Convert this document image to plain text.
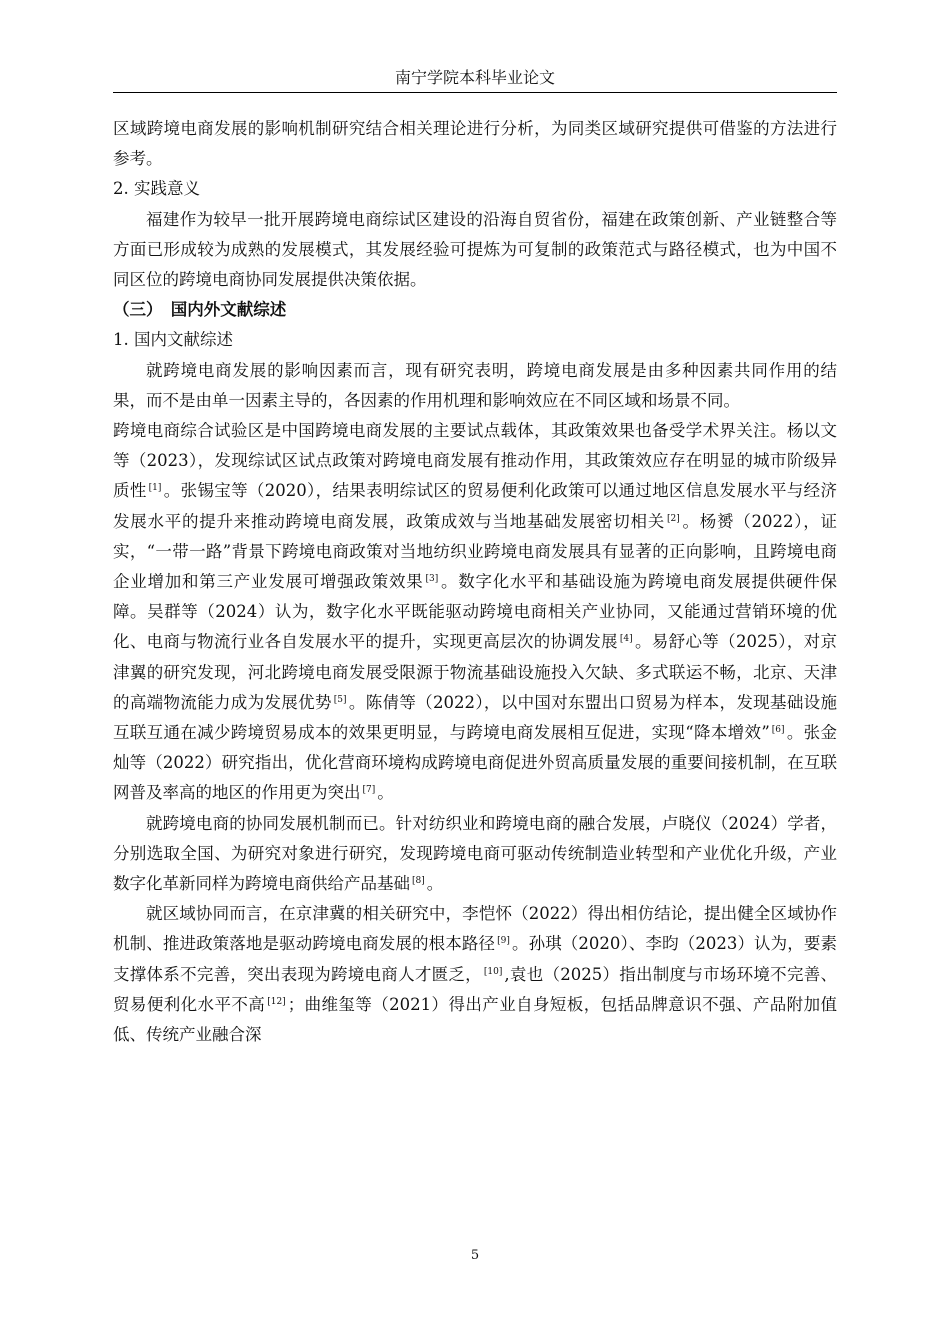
南宁学院本科毕业论文

区域跨境电商发展的影响机制研究结合相关理论进行分析，为同类区域研究提供可借鉴的方法进行参考。

2. 实践意义

福建作为较早一批开展跨境电商综试区建设的沿海自贸省份，福建在政策创新、产业链整合等方面已形成较为成熟的发展模式，其发展经验可提炼为可复制的政策范式与路径模式，也为中国不同区位的跨境电商协同发展提供决策依据。

（三）　国内外文献综述

1. 国内文献综述

就跨境电商发展的影响因素而言，现有研究表明，跨境电商发展是由多种因素共同作用的结果，而不是由单一因素主导的，各因素的作用机理和影响效应在不同区域和场景不同。

跨境电商综合试验区是中国跨境电商发展的主要试点载体，其政策效果也备受学术界关注。杨以文等（2023），发现综试区试点政策对跨境电商发展有推动作用，其政策效应存在明显的城市阶级异质性 [1] 。张锡宝等（2020），结果表明综试区的贸易便利化政策可以通过地区信息发展水平与经济发展水平的提升来推动跨境电商发展，政策成效与当地基础发展密切相关 [2] 。杨赟（2022），证实，“一带一路”背景下跨境电商政策对当地纺织业跨境电商发展具有显著的正向影响，且跨境电商企业增加和第三产业发展可增强政策效果 [3] 。数字化水平和基础设施为跨境电商发展提供硬件保障。吴群等（2024）认为，数字化水平既能驱动跨境电商相关产业协同，又能通过营销环境的优化、电商与物流行业各自发展水平的提升，实现更高层次的协调发展 [4] 。易舒心等（2025），对京津翼的研究发现，河北跨境电商发展受限源于物流基础设施投入欠缺、多式联运不畅，北京、天津的高端物流能力成为发展优势 [5] 。陈倩等（2022），以中国对东盟出口贸易为样本，发现基础设施互联互通在减少跨境贸易成本的效果更明显，与跨境电商发展相互促进，实现“降本增效” [6] 。张金灿等（2022）研究指出，优化营商环境构成跨境电商促进外贸高质量发展的重要间接机制，在互联网普及率高的地区的作用更为突出 [7] 。

就跨境电商的协同发展机制而已。针对纺织业和跨境电商的融合发展，卢晓仪（2024）学者，分别选取全国、为研究对象进行研究，发现跨境电商可驱动传统制造业转型和产业优化升级，产业数字化革新同样为跨境电商供给产品基础 [8] 。

就区域协同而言，在京津冀的相关研究中，李恺怀（2022）得出相仿结论，提出健全区域协作机制、推进政策落地是驱动跨境电商发展的根本路径 [9] 。孙琪（2020）、李昀（2023）认为，要素支撑体系不完善，突出表现为跨境电商人才匮乏， [10] ,袁也（2025）指出制度与市场环境不完善、贸易便利化水平不高 [12] ；曲维玺等（2021）得出产业自身短板，包括品牌意识不强、产品附加值低、传统产业融合深

5
